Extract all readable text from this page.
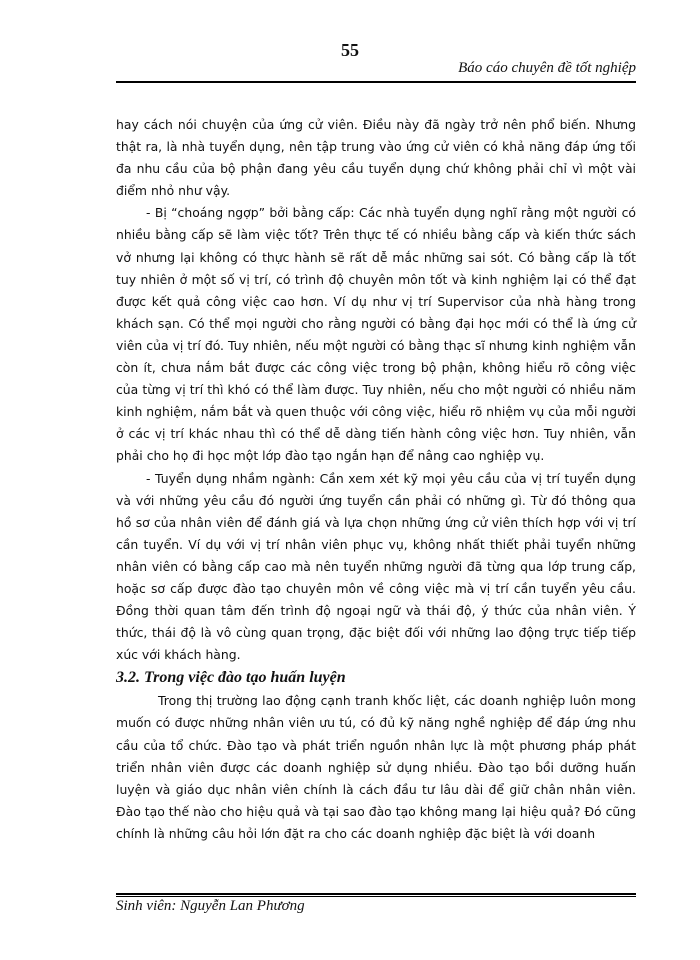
55
Báo cáo chuyên đề tốt nghiệp

hay cách nói chuyện của ứng cử viên. Điều này đã ngày trở nên phổ biến. Nhưng thật ra, là nhà tuyển dụng, nên tập trung vào ứng cử viên có khả năng đáp ứng tối đa nhu cầu của bộ phận đang yêu cầu tuyển dụng chứ không phải chỉ vì một vài điểm nhỏ như vậy.

- Bị “choáng ngợp” bởi bằng cấp: Các nhà tuyển dụng nghĩ rằng một người có nhiều bằng cấp sẽ làm việc tốt? Trên thực tế có nhiều bằng cấp và kiến thức sách vở nhưng lại không có thực hành sẽ rất dễ mắc những sai sót. Có bằng cấp là tốt tuy nhiên ở một số vị trí, có trình độ chuyên môn tốt và kinh nghiệm lại có thể đạt được kết quả công việc cao hơn. Ví dụ như vị trí Supervisor của nhà hàng trong khách sạn. Có thể mọi người cho rằng người có bằng đại học mới có thể là ứng cử viên của vị trí đó. Tuy nhiên, nếu một người có bằng thạc sĩ nhưng kinh nghiệm vẫn còn ít, chưa nắm bắt được các công việc trong bộ phận, không hiểu rõ công việc của từng vị trí thì khó có thể làm được. Tuy nhiên, nếu cho một người có nhiều năm kinh nghiệm, nắm bắt và quen thuộc với công việc, hiểu rõ nhiệm vụ của mỗi người ở các vị trí khác nhau thì có thể dễ dàng tiến hành công việc hơn. Tuy nhiên, vẫn phải cho họ đi học một lớp đào tạo ngắn hạn để nâng cao nghiệp vụ.

- Tuyển dụng nhầm ngành: Cần xem xét kỹ mọi yêu cầu của vị trí tuyển dụng và với những yêu cầu đó người ứng tuyển cần phải có những gì. Từ đó thông qua hồ sơ của nhân viên để đánh giá và lựa chọn những ứng cử viên thích hợp với vị trí cần tuyển. Ví dụ với vị trí nhân viên phục vụ, không nhất thiết phải tuyển những nhân viên có bằng cấp cao mà nên tuyển những người đã từng qua lớp trung cấp, hoặc sơ cấp được đào tạo chuyên môn về công việc mà vị trí cần tuyển yêu cầu. Đồng thời quan tâm đến trình độ ngoại ngữ và thái độ, ý thức của nhân viên. Ý thức, thái độ là vô cùng quan trọng, đặc biệt đối với những lao động trực tiếp tiếp xúc với khách hàng.

3.2. Trong việc đào tạo huấn luyện

Trong thị trường lao động cạnh tranh khốc liệt, các doanh nghiệp luôn mong muốn có được những nhân viên ưu tú, có đủ kỹ năng nghề nghiệp để đáp ứng nhu cầu của tổ chức. Đào tạo và phát triển nguồn nhân lực là một phương pháp phát triển nhân viên được các doanh nghiệp sử dụng nhiều. Đào tạo bồi dưỡng huấn luyện và giáo dục nhân viên chính là cách đầu tư lâu dài để giữ chân nhân viên. Đào tạo thế nào cho hiệu quả và tại sao đào tạo không mang lại hiệu quả? Đó cũng chính là những câu hỏi lớn đặt ra cho các doanh nghiệp đặc biệt là với doanh

Sinh viên: Nguyễn Lan Phương
